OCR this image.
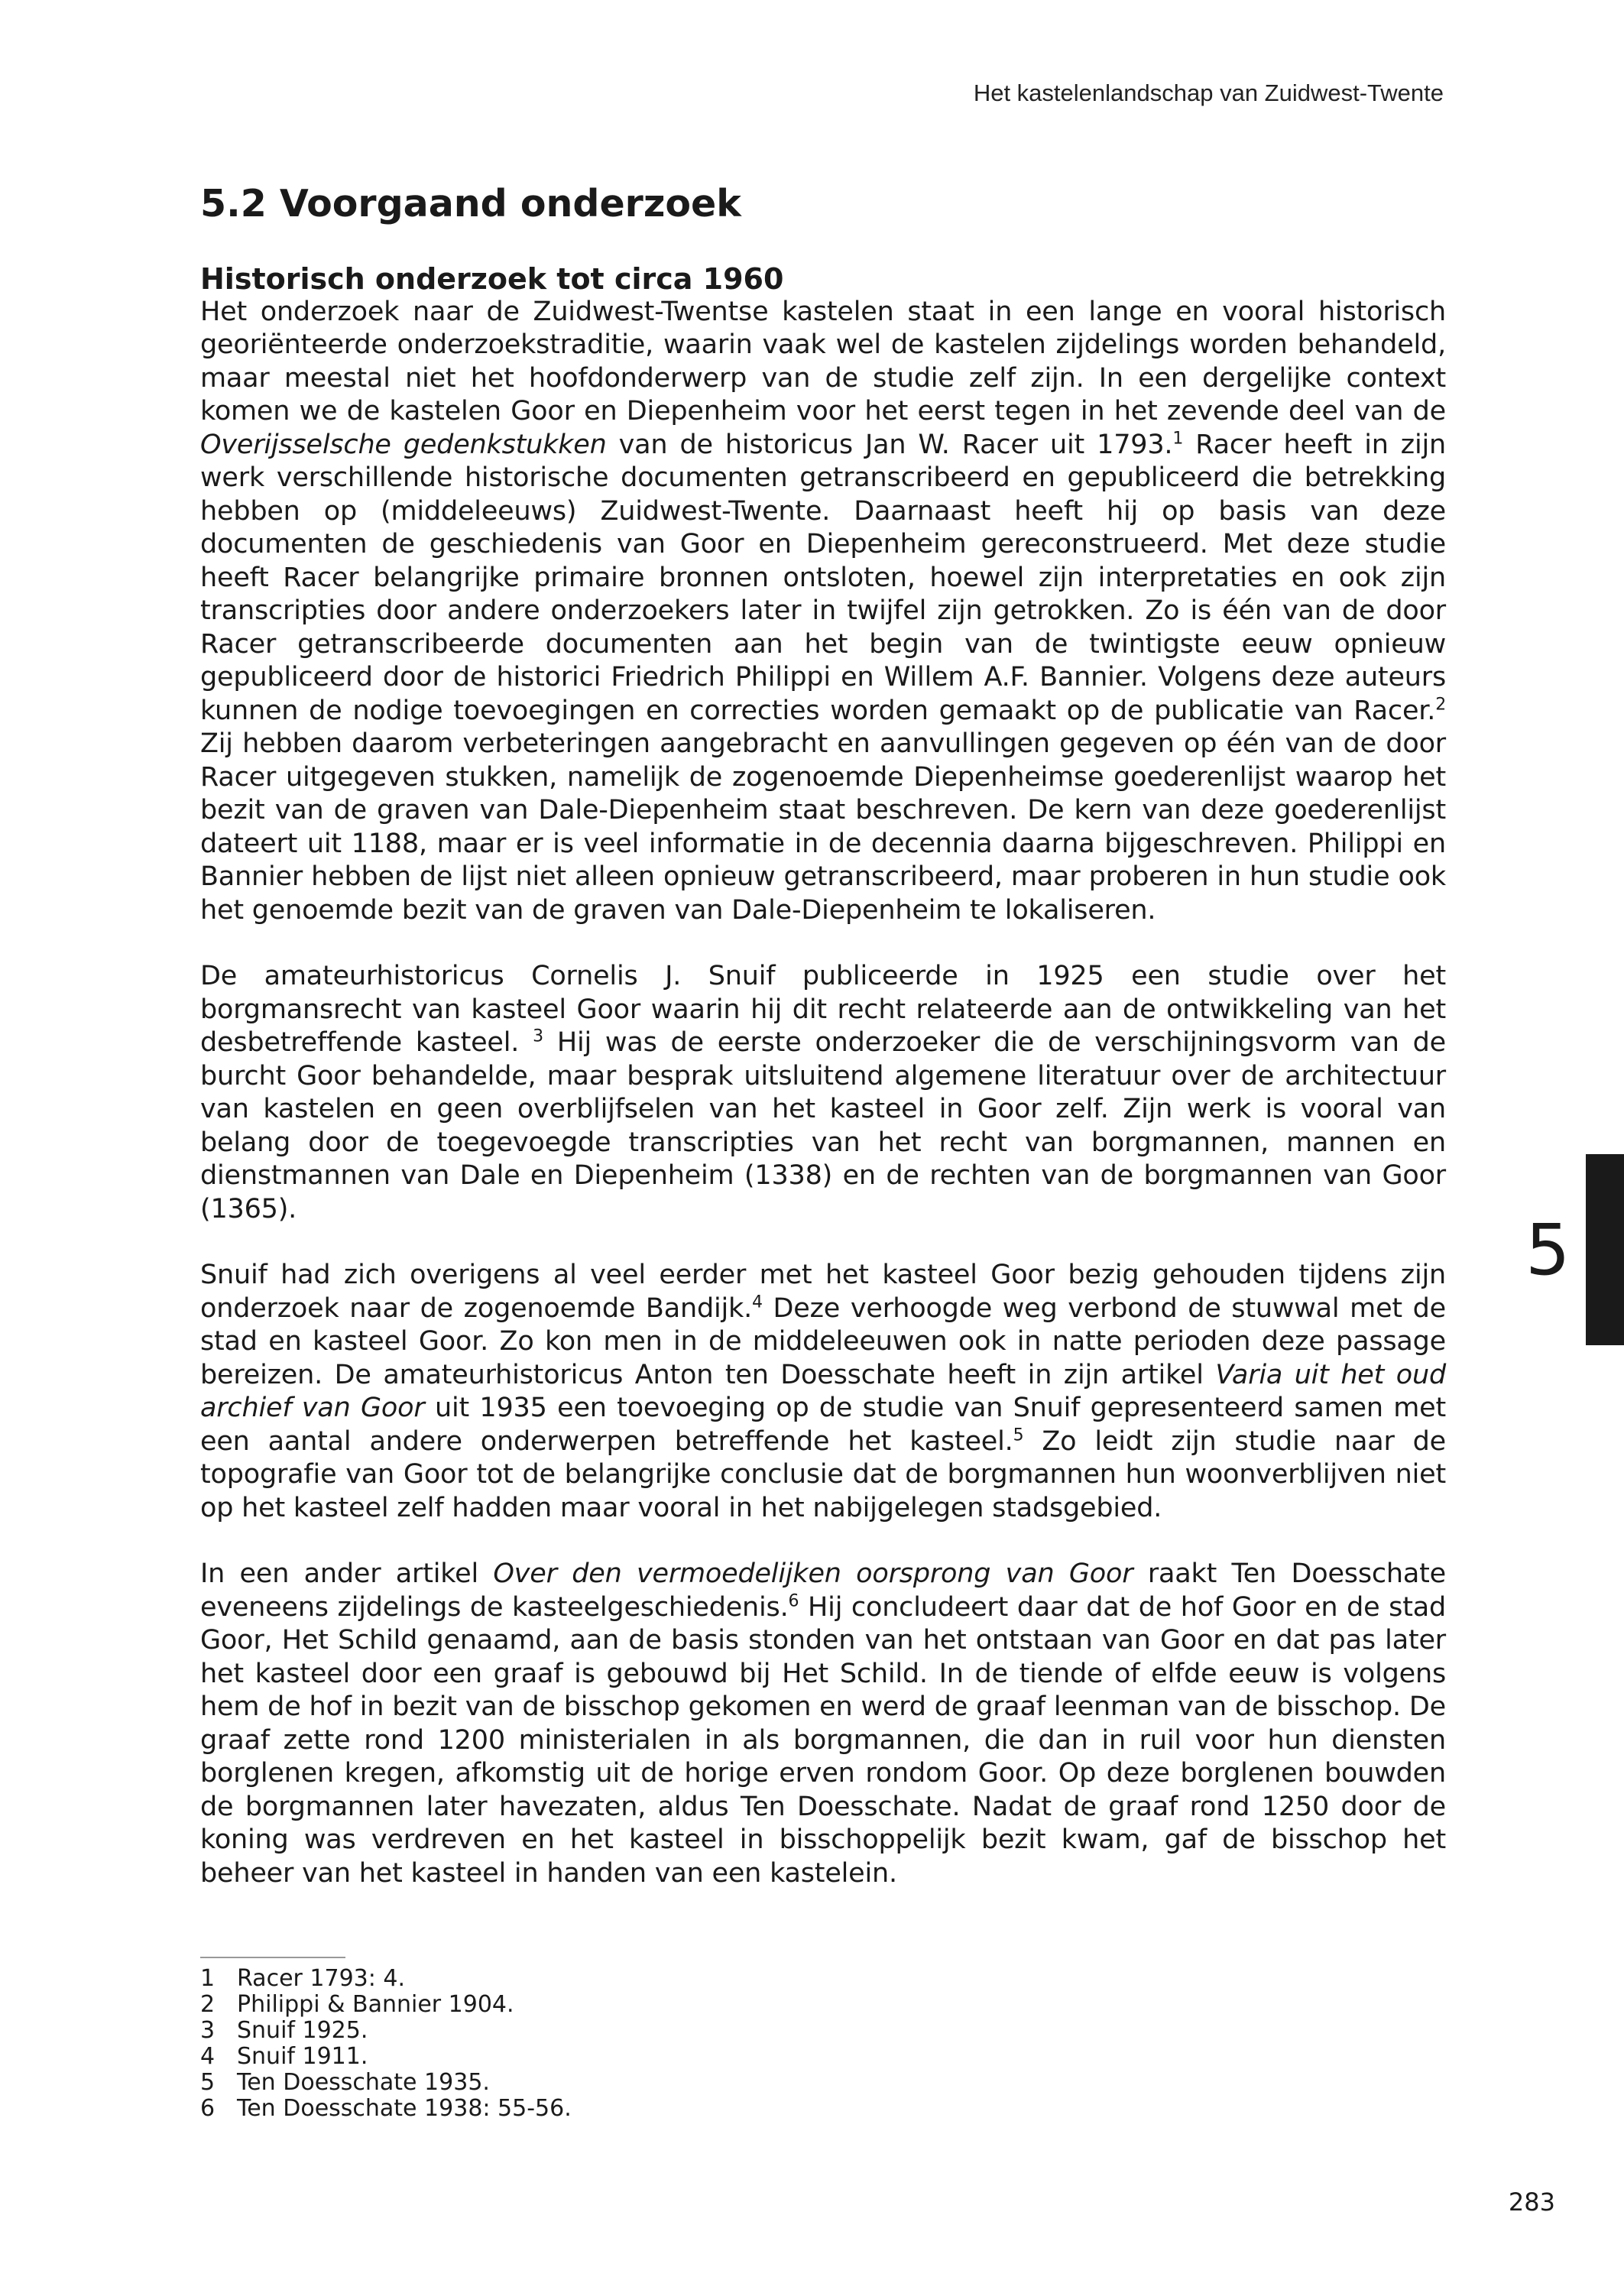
Het kastelenlandschap van Zuidwest-Twente
5.2 Voorgaand onderzoek
Historisch onderzoek tot circa 1960

Het onderzoek naar de Zuidwest-Twentse kastelen staat in een lange en vooral historisch georiënteerde onderzoekstraditie, waarin vaak wel de kastelen zijdelings worden behandeld, maar meestal niet het hoofdonderwerp van de studie zelf zijn. In een dergelijke context komen we de kastelen Goor en Diepenheim voor het eerst tegen in het zevende deel van de Overijsselsche gedenkstukken van de historicus Jan W. Racer uit 1793.$^1$ Racer heeft in zijn werk verschillende historische documenten getranscribeerd en gepubliceerd die betrekking hebben op (middeleeuws) Zuidwest-Twente. Daarnaast heeft hij op basis van deze documenten de geschiedenis van Goor en Diepenheim gereconstrueerd. Met deze studie heeft Racer belangrijke primaire bronnen ontsloten, hoewel zijn interpretaties en ook zijn transcripties door andere onderzoekers later in twijfel zijn getrokken. Zo is één van de door Racer getranscribeerde documenten aan het begin van de twintigste eeuw opnieuw gepubliceerd door de historici Friedrich Philippi en Willem A.F. Bannier. Volgens deze auteurs kunnen de nodige toevoegingen en correcties worden gemaakt op de publicatie van Racer.$^2$ Zij hebben daarom verbeteringen aangebracht en aanvullingen gegeven op één van de door Racer uitgegeven stukken, namelijk de zogenoemde Diepenheimse goederenlijst waarop het bezit van de graven van Dale-Diepenheim staat beschreven. De kern van deze goederenlijst dateert uit 1188, maar er is veel informatie in de decennia daarna bijgeschreven. Philippi en Bannier hebben de lijst niet alleen opnieuw getranscribeerd, maar proberen in hun studie ook het genoemde bezit van de graven van Dale-Diepenheim te lokaliseren.

De amateurhistoricus Cornelis J. Snuif publiceerde in 1925 een studie over het borgmansrecht van kasteel Goor waarin hij dit recht relateerde aan de ontwikkeling van het desbetreffende kasteel. $^3$ Hij was de eerste onderzoeker die de verschijningsvorm van de burcht Goor behandelde, maar besprak uitsluitend algemene literatuur over de architectuur van kastelen en geen overblijfselen van het kasteel in Goor zelf. Zijn werk is vooral van belang door de toegevoegde transcripties van het recht van borgmannen, mannen en dienstmannen van Dale en Diepenheim (1338) en de rechten van de borgmannen van Goor (1365).

Snuif had zich overigens al veel eerder met het kasteel Goor bezig gehouden tijdens zijn onderzoek naar de zogenoemde Bandijk.$^4$ Deze verhoogde weg verbond de stuwwal met de stad en kasteel Goor. Zo kon men in de middeleeuwen ook in natte perioden deze passage bereizen. De amateurhistoricus Anton ten Doesschate heeft in zijn artikel Varia uit het oud archief van Goor uit 1935 een toevoeging op de studie van Snuif gepresenteerd samen met een aantal andere onderwerpen betreffende het kasteel.$^5$ Zo leidt zijn studie naar de topografie van Goor tot de belangrijke conclusie dat de borgmannen hun woonverblijven niet op het kasteel zelf hadden maar vooral in het nabijgelegen stadsgebied.

In een ander artikel Over den vermoedelijken oorsprong van Goor raakt Ten Doesschate eveneens zijdelings de kasteelgeschiedenis.$^6$ Hij concludeert daar dat de hof Goor en de stad Goor, Het Schild genaamd, aan de basis stonden van het ontstaan van Goor en dat pas later het kasteel door een graaf is gebouwd bij Het Schild. In de tiende of elfde eeuw is volgens hem de hof in bezit van de bisschop gekomen en werd de graaf leenman van de bisschop. De graaf zette rond 1200 ministerialen in als borgmannen, die dan in ruil voor hun diensten borglenen kregen, afkomstig uit de horige erven rondom Goor. Op deze borglenen bouwden de borgmannen later havezaten, aldus Ten Doesschate. Nadat de graaf rond 1250 door de koning was verdreven en het kasteel in bisschoppelijk bezit kwam, gaf de bisschop het beheer van het kasteel in handen van een kastelein.

5
1 Racer 1793: 4.
2 Philippi & Bannier 1904.
3 Snuif 1925.
4 Snuif 1911.
5 Ten Doesschate 1935.
6 Ten Doesschate 1938: 55-56.
283
